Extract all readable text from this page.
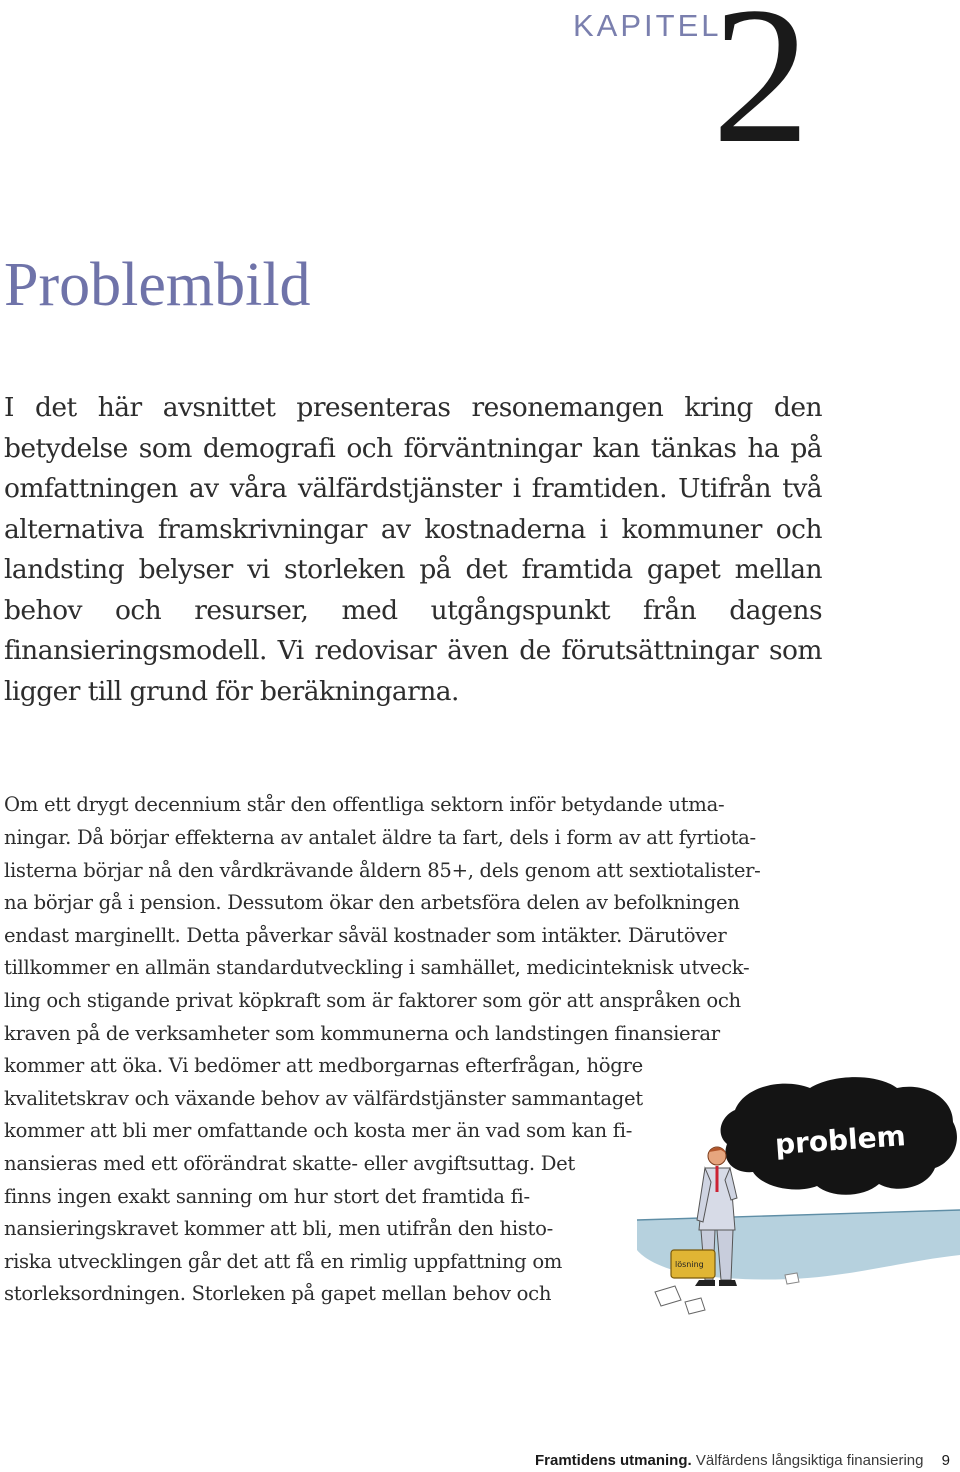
KAPITEL
2
Problembild

I det här avsnittet presenteras resonemangen kring den betydelse som demografi och förväntningar kan tänkas ha på omfattningen av våra välfärdstjänster i framtiden. Utifrån två alternativa framskrivningar av kostnaderna i kommuner och landsting belyser vi storleken på det framtida gapet mellan behov och resurser, med utgångspunkt från dagens finansieringsmodell. Vi redovisar även de förutsättningar som ligger till grund för beräkningarna.

Om ett drygt decennium står den offentliga sektorn inför betydande utma-
ningar. Då börjar effekterna av antalet äldre ta fart, dels i form av att fyrtiota-
listerna börjar nå den vårdkrävande åldern 85+, dels genom att sextiotalister-
na börjar gå i pension. Dessutom ökar den arbetsföra delen av befolkningen
endast marginellt. Detta påverkar såväl kostnader som intäkter. Därutöver
tillkommer en allmän standardutveckling i samhället, medicinteknisk utveck-
ling och stigande privat köpkraft som är faktorer som gör att anspråken och
kraven på de verksamheter som kommunerna och landstingen finansierar
kommer att öka. Vi bedömer att medborgarnas efterfrågan, högre
kvalitetskrav och växande behov av välfärdstjänster sammantaget
kommer att bli mer omfattande och kosta mer än vad som kan fi-
nansieras med ett oförändrat skatte- eller avgiftsuttag. Det
finns ingen exakt sanning om hur stort det framtida fi-
nansieringskravet kommer att bli, men utifrån den histo-
riska utvecklingen går det att få en rimlig uppfattning om
storleksordningen. Storleken på gapet mellan behov och
problem
lösning
Framtidens utmaning. Välfärdens långsiktiga finansiering 9
